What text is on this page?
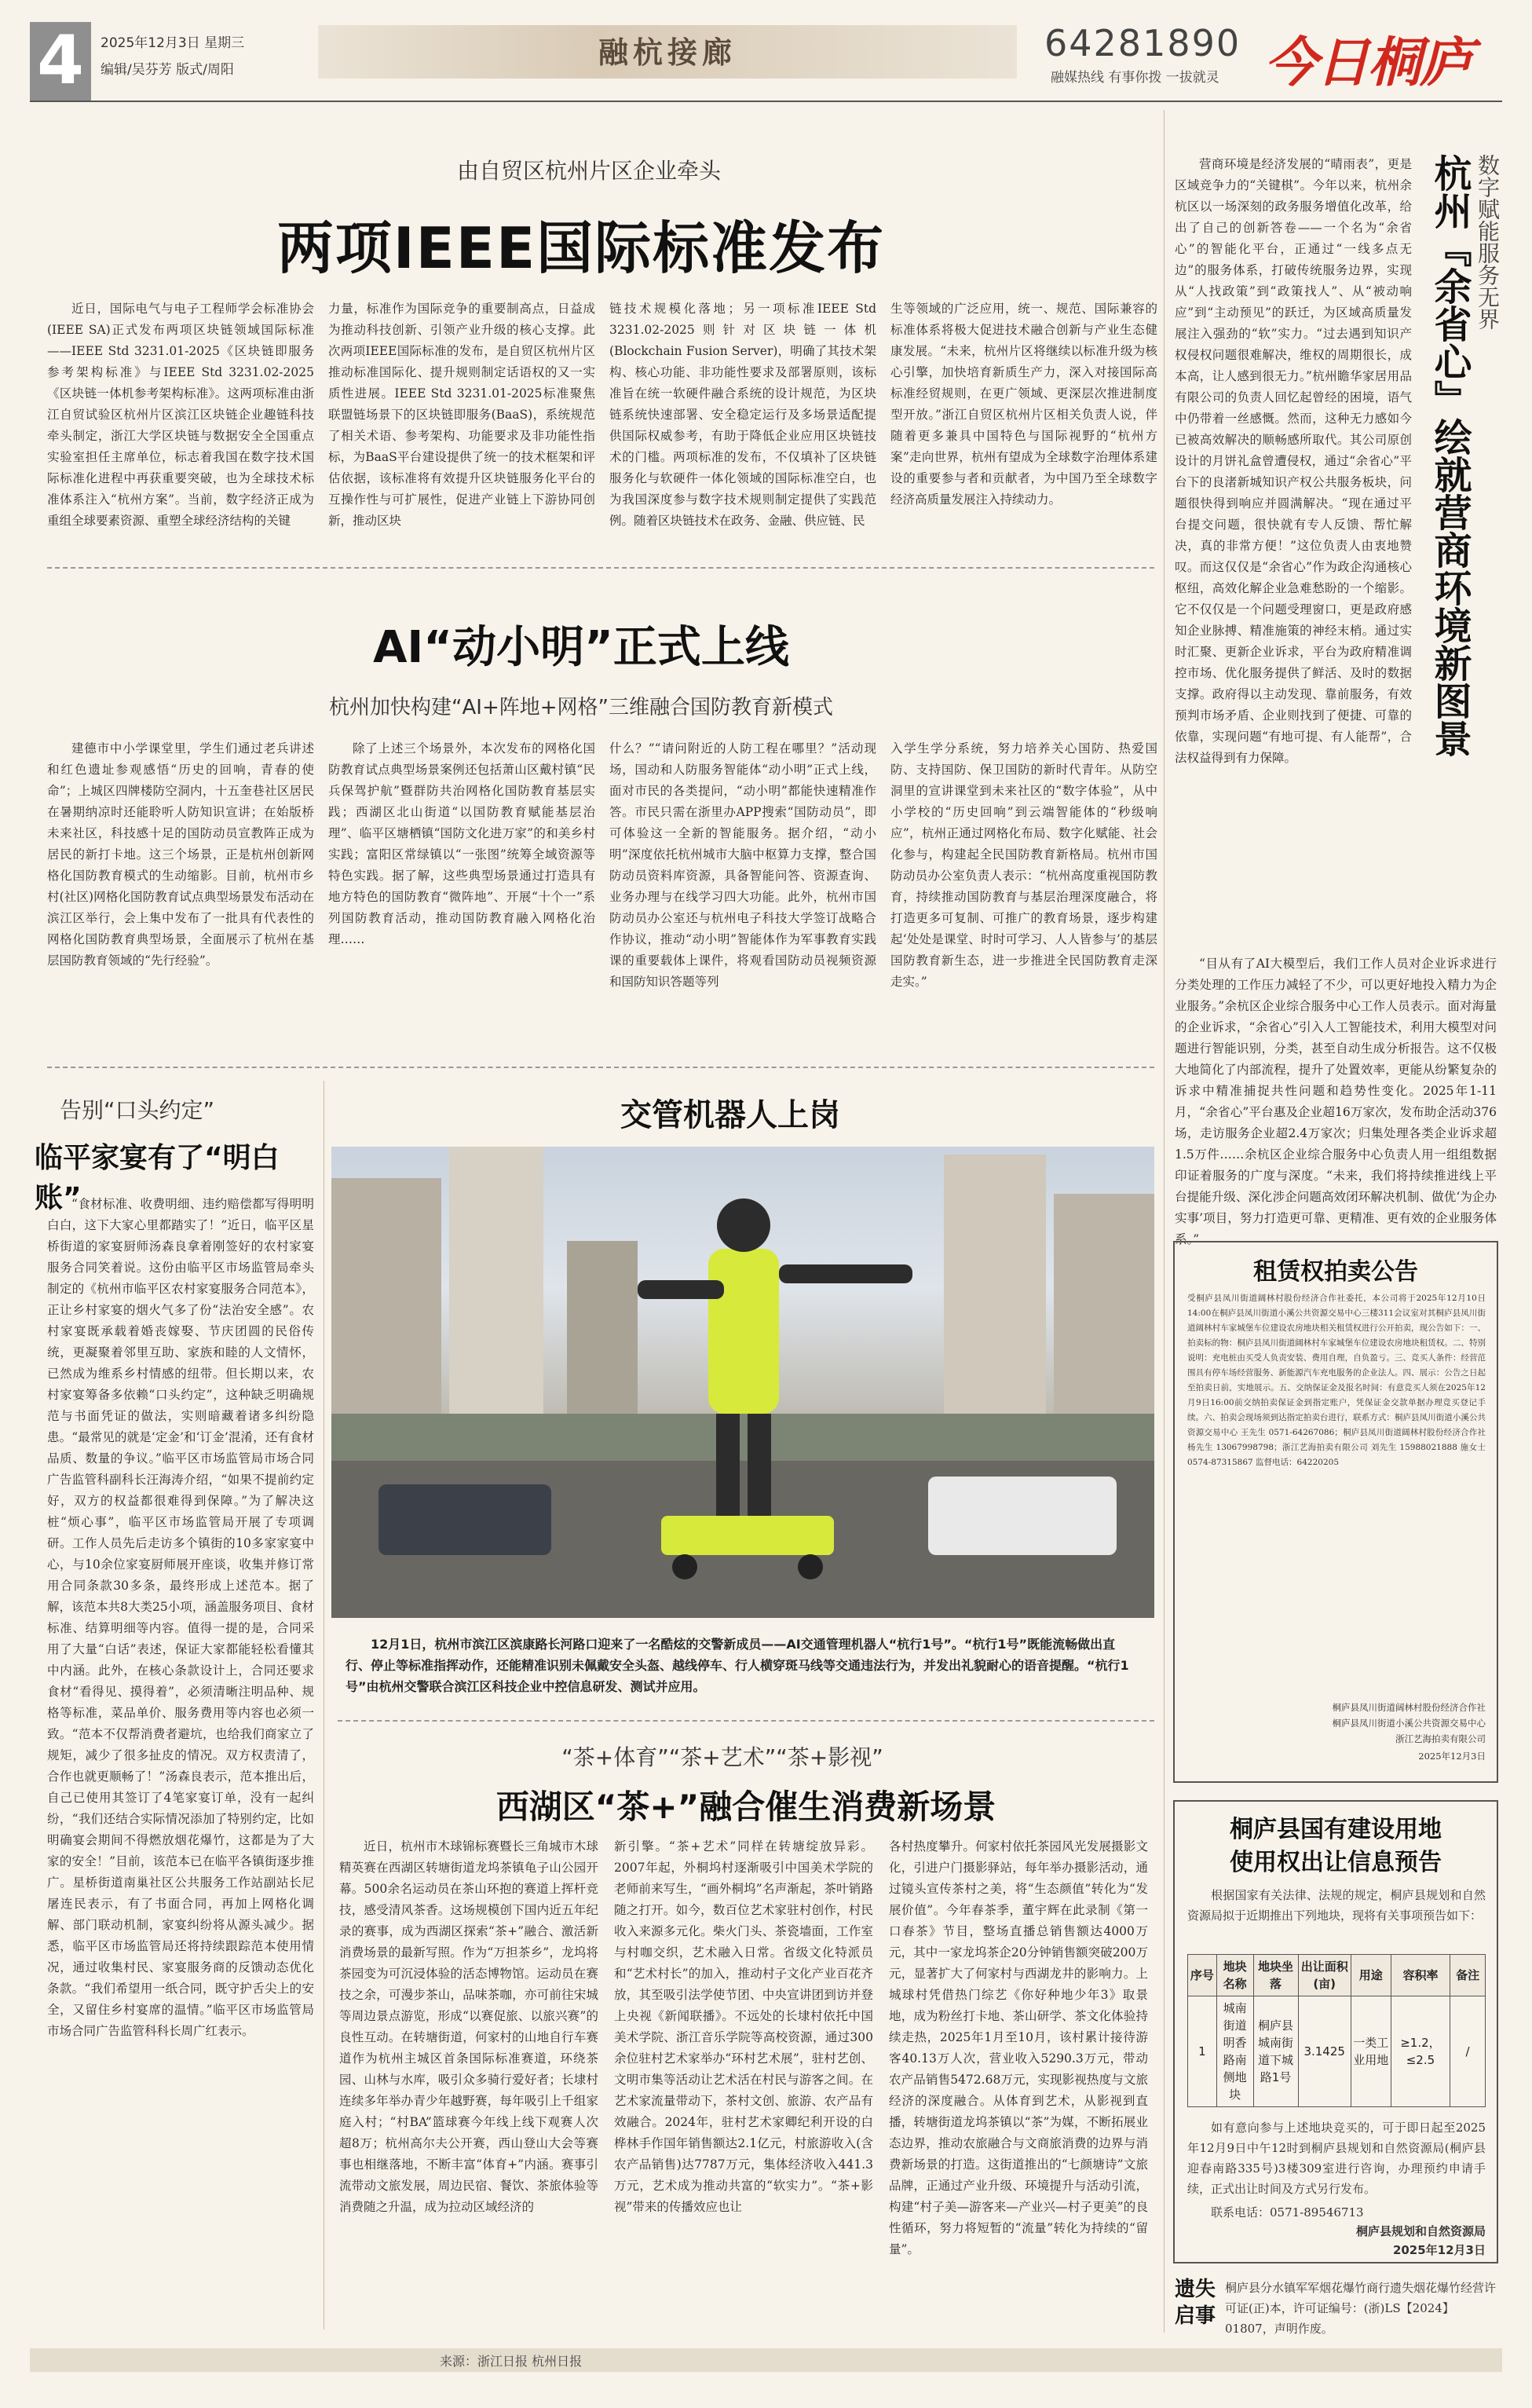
4	2025年12月3日 星期三
编辑/吴芬芳 版式/周阳	融杭接廊	64281890
融媒热线 有事你拨 一拔就灵 今日桐庐
由自贸区杭州片区企业牵头
两项IEEE国际标准发布
近日，国际电气与电子工程师学会标准协会(IEEE SA)正式发布两项区块链领域国际标准——IEEE Std 3231.01-2025《区块链即服务参考架构标准》与IEEE Std 3231.02-2025《区块链一体机参考架构标准》。这两项标准由浙江自贸试验区杭州片区滨江区块链企业趣链科技牵头制定，浙江大学区块链与数据安全全国重点实验室担任主席单位，标志着我国在数字技术国际标准化进程中再获重要突破，也为全球技术标准体系注入“杭州方案”。当前，数字经济正成为重组全球要素资源、重塑全球经济结构的关键
力量，标准作为国际竞争的重要制高点，日益成为推动科技创新、引领产业升级的核心支撑。此次两项IEEE国际标准的发布，是自贸区杭州片区推动标准国际化、提升规则制定话语权的又一实质性进展。IEEE Std 3231.01-2025标准聚焦联盟链场景下的区块链即服务(BaaS)，系统规范了相关术语、参考架构、功能要求及非功能性指标，为BaaS平台建设提供了统一的技术框架和评估依据，该标准将有效提升区块链服务化平台的互操作性与可扩展性，促进产业链上下游协同创新，推动区块
链技术规模化落地；另一项标准IEEE Std 3231.02-2025则针对区块链一体机(Blockchain Fusion Server)，明确了其技术架构、核心功能、非功能性要求及部署原则，该标准旨在统一软硬件融合系统的设计规范，为区块链系统快速部署、安全稳定运行及多场景适配提供国际权威参考，有助于降低企业应用区块链技术的门槛。两项标准的发布，不仅填补了区块链服务化与软硬件一体化领域的国际标准空白，也为我国深度参与数字技术规则制定提供了实践范例。随着区块链技术在政务、金融、供应链、民
生等领域的广泛应用，统一、规范、国际兼容的标准体系将极大促进技术融合创新与产业生态健康发展。“未来，杭州片区将继续以标准升级为核心引擎，加快培育新质生产力，深入对接国际高标准经贸规则，在更广领域、更深层次推进制度型开放。”浙江自贸区杭州片区相关负责人说，伴随着更多兼具中国特色与国际视野的“杭州方案”走向世界，杭州有望成为全球数字治理体系建设的重要参与者和贡献者，为中国乃至全球数字经济高质量发展注入持续动力。
AI“动小明”正式上线
杭州加快构建“AI+阵地+网格”三维融合国防教育新模式
建德市中小学课堂里，学生们通过老兵讲述和红色遗址参观感悟“历史的回响，青春的使命”；上城区四牌楼防空洞内，十五奎巷社区居民在暑期纳凉时还能聆听人防知识宣讲；在始版桥未来社区，科技感十足的国防动员宣教阵正成为居民的新打卡地。这三个场景，正是杭州创新网格化国防教育模式的生动缩影。目前，杭州市乡村(社区)网格化国防教育试点典型场景发布活动在滨江区举行，会上集中发布了一批具有代表性的网格化国防教育典型场景，全面展示了杭州在基层国防教育领域的“先行经验”。
除了上述三个场景外，本次发布的网格化国防教育试点典型场景案例还包括萧山区戴村镇“民兵保驾护航”暨群防共治网格化国防教育基层实践；西湖区北山街道“以国防教育赋能基层治理”、临平区塘栖镇“国防文化进万家”的和美乡村实践；富阳区常绿镇以“一张图”统筹全域资源等特色实践。据了解，这些典型场景通过打造具有地方特色的国防教育“微阵地”、开展“十个一”系列国防教育活动，推动国防教育融入网格化治理……
什么？”“请问附近的人防工程在哪里？”活动现场，国动和人防服务智能体“动小明”正式上线，面对市民的各类提问，“动小明”都能快速精准作答。市民只需在浙里办APP搜索“国防动员”，即可体验这一全新的智能服务。据介绍，“动小明”深度依托杭州城市大脑中枢算力支撑，整合国防动员资料库资源，具备智能问答、资源查询、业务办理与在线学习四大功能。此外，杭州市国防动员办公室还与杭州电子科技大学签订战略合作协议，推动“动小明”智能体作为军事教育实践课的重要载体上课件，将观看国防动员视频资源和国防知识答题等列
入学生学分系统，努力培养关心国防、热爱国防、支持国防、保卫国防的新时代青年。从防空洞里的宣讲课堂到未来社区的“数字体验”，从中小学校的“历史回响”到云端智能体的“秒级响应”，杭州正通过网格化布局、数字化赋能、社会化参与，构建起全民国防教育新格局。杭州市国防动员办公室负责人表示：“杭州高度重视国防教育，持续推动国防教育与基层治理深度融合，将打造更多可复制、可推广的教育场景，逐步构建起‘处处是课堂、时时可学习、人人皆参与’的基层国防教育新生态，进一步推进全民国防教育走深走实。”
告别“口头约定”
临平家宴有了“明白账”
“食材标准、收费明细、违约赔偿都写得明明白白，这下大家心里都踏实了！”近日，临平区星桥街道的家宴厨师汤森良拿着刚签好的农村家宴服务合同笑着说。这份由临平区市场监管局牵头制定的《杭州市临平区农村家宴服务合同范本》，正让乡村家宴的烟火气多了份“法治安全感”。农村家宴既承载着婚丧嫁娶、节庆团圆的民俗传统，更凝聚着邻里互助、家族和睦的人文情怀，已然成为维系乡村情感的纽带。但长期以来，农村家宴筹备多依赖“口头约定”，这种缺乏明确规范与书面凭证的做法，实则暗藏着诸多纠纷隐患。“最常见的就是‘定金’和‘订金’混淆，还有食材品质、数量的争议。”临平区市场监管局市场合同广告监管科副科长汪海涛介绍，“如果不提前约定好，双方的权益都很难得到保障。”为了解决这桩“烦心事”，临平区市场监管局开展了专项调研。工作人员先后走访多个镇街的10多家家宴中心，与10余位家宴厨师展开座谈，收集并修订常用合同条款30多条，最终形成上述范本。据了解，该范本共8大类25小项，涵盖服务项目、食材标准、结算明细等内容。值得一提的是，合同采用了大量“白话”表述，保证大家都能轻松看懂其中内涵。此外，在核心条款设计上，合同还要求食材“看得见、摸得着”，必须清晰注明品种、规格等标准，菜品单价、服务费用等内容也必须一致。“范本不仅帮消费者避坑，也给我们商家立了规矩，减少了很多扯皮的情况。双方权责清了，合作也就更顺畅了！”汤森良表示，范本推出后，自己已使用其签订了4笔家宴订单，没有一起纠纷，“我们还结合实际情况添加了特别约定，比如明确宴会期间不得燃放烟花爆竹，这都是为了大家的安全！”目前，该范本已在临平各镇街逐步推广。星桥街道南巢社区公共服务工作站副站长尼屠连民表示，有了书面合同，再加上网格化调解、部门联动机制，家宴纠纷将从源头减少。据悉，临平区市场监管局还将持续跟踪范本使用情况，通过收集村民、家宴服务商的反馈动态优化条款。“我们希望用一纸合同，既守护舌尖上的安全，又留住乡村宴席的温情。”临平区市场监管局市场合同广告监管科科长周广红表示。
交管机器人上岗
12月1日，杭州市滨江区滨康路长河路口迎来了一名酷炫的交警新成员——AI交通管理机器人“杭行1号”。“杭行1号”既能流畅做出直行、停止等标准指挥动作，还能精准识别未佩戴安全头盔、越线停车、行人横穿斑马线等交通违法行为，并发出礼貌耐心的语音提醒。“杭行1号”由杭州交警联合滨江区科技企业中控信息研发、测试并应用。
“茶+体育”“茶+艺术”“茶+影视”
西湖区“茶+”融合催生消费新场景
近日，杭州市木球锦标赛暨长三角城市木球精英赛在西湖区转塘街道龙坞茶镇龟子山公园开幕。500余名运动员在茶山环抱的赛道上挥杆竞技，感受清风茶香。这场规模创下国内近五年纪录的赛事，成为西湖区探索“茶+”融合、激活新消费场景的最新写照。作为“万担茶乡”，龙坞将茶园变为可沉浸体验的活态博物馆。运动员在赛技之余，可漫步茶山，品味茶咖，亦可前往宋城等周边景点游览，形成“以赛促旅、以旅兴赛”的良性互动。在转塘街道，何家村的山地自行车赛道作为杭州主城区首条国际标准赛道，环绕茶园、山林与水库，吸引众多骑行爱好者；长埭村连续多年举办青少年越野赛，每年吸引上千组家庭入村；“村BA”篮球赛今年线上线下观赛人次超8万；杭州高尔夫公开赛，西山登山大会等赛事也相继落地，不断丰富“体育+”内涵。赛事引流带动文旅发展，周边民宿、餐饮、茶旅体验等消费随之升温，成为拉动区域经济的
新引擎。“茶+艺术”同样在转塘绽放异彩。2007年起，外桐坞村逐渐吸引中国美术学院的老师前来写生，“画外桐坞”名声渐起，茶叶销路随之打开。如今，数百位艺术家驻村创作，村民收入来源多元化。柴火门头、茶瓷墙面，工作室与村咖交织，艺术融入日常。省级文化特派员和“艺术村长”的加入，推动村子文化产业百花齐放，其至吸引法学使节团、中央宣讲团到访并登上央视《新闻联播》。不远处的长埭村依托中国美术学院、浙江音乐学院等高校资源，通过300余位驻村艺术家举办“环村艺术展”，驻村艺创、文明市集等活动让艺术活在村民与游客之间。在艺术家流量带动下，茶村文创、旅游、农产品有效融合。2024年，驻村艺术家卿纪利开设的白桦林手作国年销售额达2.1亿元，村旅游收入(含农产品销售)达7787万元，集体经济收入441.3万元，艺术成为推动共富的“软实力”。“茶+影视”带来的传播效应也让
各村热度攀升。何家村依托茶园风光发展摄影文化，引进户门摄影驿站，每年举办摄影活动，通过镜头宣传茶村之美，将“生态颜值”转化为“发展价值”。今年春茶季，董宇辉在此录制《第一口春茶》节目，整场直播总销售额达4000万元，其中一家龙坞茶企20分钟销售额突破200万元，显著扩大了何家村与西湖龙井的影响力。上城球村凭借热门综艺《你好种地少年3》取景地，成为粉丝打卡地、茶山研学、茶文化体验持续走热，2025年1月至10月，该村累计接待游客40.13万人次，营业收入5290.3万元，带动农产品销售5472.68万元，实现影视热度与文旅经济的深度融合。从体育到艺术，从影视到直播，转塘街道龙坞茶镇以“茶”为媒，不断拓展业态边界，推动农旅融合与文商旅消费的边界与消费新场景的打造。这街道推出的“七颜塘诗”文旅品牌，正通过产业升级、环境提升与活动引流，构建“村子美—游客来—产业兴—村子更美”的良性循环，努力将短暂的“流量”转化为持续的“留量”。
营商环境是经济发展的“晴雨表”，更是区域竞争力的“关键棋”。今年以来，杭州余杭区以一场深刻的政务服务增值化改革，给出了自己的创新答卷——一个名为“余省心”的智能化平台，正通过“一线多点无边”的服务体系，打破传统服务边界，实现从“人找政策”到“政策找人”、从“被动响应”到“主动预见”的跃迁，为区域高质量发展注入强劲的“软”实力。“过去遇到知识产权侵权问题很难解决，维权的周期很长，成本高，让人感到很无力。”杭州瞻华家居用品有限公司的负责人回忆起曾经的困境，语气中仍带着一丝感慨。然而，这种无力感如今已被高效解决的顺畅感所取代。其公司原创设计的月饼礼盒曾遭侵权，通过“余省心”平台下的良渚新城知识产权公共服务板块，问题很快得到响应并圆满解决。“现在通过平台提交问题，很快就有专人反馈、帮忙解决，真的非常方便！”这位负责人由衷地赞叹。而这仅仅是“余省心”作为政企沟通核心枢纽，高效化解企业急难愁盼的一个缩影。它不仅仅是一个问题受理窗口，更是政府感知企业脉搏、精准施策的神经末梢。通过实时汇聚、更新企业诉求，平台为政府精准调控市场、优化服务提供了鲜活、及时的数据支撑。政府得以主动发现、靠前服务，有效预判市场矛盾、企业则找到了便捷、可靠的依靠，实现问题“有地可提、有人能帮”，合法权益得到有力保障。
数字赋能服务无界
杭州『余省心』绘就营商环境新图景
“目从有了AI大模型后，我们工作人员对企业诉求进行分类处理的工作压力减轻了不少，可以更好地投入精力为企业服务。”余杭区企业综合服务中心工作人员表示。面对海量的企业诉求，“余省心”引入人工智能技术，利用大模型对问题进行智能识别，分类，甚至自动生成分析报告。这不仅极大地简化了内部流程，提升了处置效率，更能从纷繁复杂的诉求中精准捕捉共性问题和趋势性变化。2025年1-11月，“余省心”平台惠及企业超16万家次，发布助企活动376场，走访服务企业超2.4万家次；归集处理各类企业诉求超1.5万件……余杭区企业综合服务中心负责人用一组组数据印证着服务的广度与深度。“未来，我们将持续推进线上平台提能升级、深化涉企问题高效闭环解决机制、做优‘为企办实事’项目，努力打造更可靠、更精准、更有效的企业服务体系。”
租赁权拍卖公告
受桐庐县凤川街道阔林村股份经济合作社委托，本公司将于2025年12月10日14:00在桐庐县凤川街道小溪公共资源交易中心三楼311会议室对其桐庐县凤川街道阔林村车家城堡车位建设农房地块相关租赁权进行公开拍卖，现公告如下：一、拍卖标的物：桐庐县凤川街道阔林村车家城堡车位建设农房地块租赁权。二、特别说明：充电桩由买受人负责安装、费用自理，自负盈亏。三、竞买人条件：经营范围具有停车场经营服务、新能源汽车充电服务的企业法人。四、展示：公告之日起至拍卖日前，实地展示。五、交纳保证金及报名时间：有意竞买人须在2025年12月9日16:00前交纳拍卖保证金到指定账户，凭保证金交款单据办理竞买登记手续。六、拍卖会现场须到达指定拍卖台进行，联系方式：桐庐县凤川街道小溪公共资源交易中心 王先生 0571-64267086；桐庐县凤川街道阔林村股份经济合作社 杨先生 13067998798；浙江艺海拍卖有限公司 刘先生 15988021888 施女士 0574-87315867 监督电话：64220205
桐庐县凤川街道阔林村股份经济合作社
桐庐县凤川街道小溪公共资源交易中心
浙江艺海拍卖有限公司
2025年12月3日
桐庐县国有建设用地
使用权出让信息预告
根据国家有关法律、法规的规定，桐庐县规划和自然资源局拟于近期推出下列地块，现将有关事项预告如下：
序号	地块名称	地块坐落	出让面积(亩)	用途	容积率	备注
1	城南街道明香路南侧地块	桐庐县城南街道下城路1号	3.1425	一类工业用地	≥1.2，≤2.5	/
如有意向参与上述地块竞买的，可于即日起至2025年12月9日中午12时到桐庐县规划和自然资源局(桐庐县迎春南路335号)3楼309室进行咨询，办理预约申请手续，正式出让时间及方式另行发布。
联系电话：0571-89546713
桐庐县规划和自然资源局
2025年12月3日
遗失启事
桐庐县分水镇军军烟花爆竹商行遗失烟花爆竹经营许可证(正)本，许可证编号：(浙)LS【2024】01807，声明作废。
来源：浙江日报 杭州日报
